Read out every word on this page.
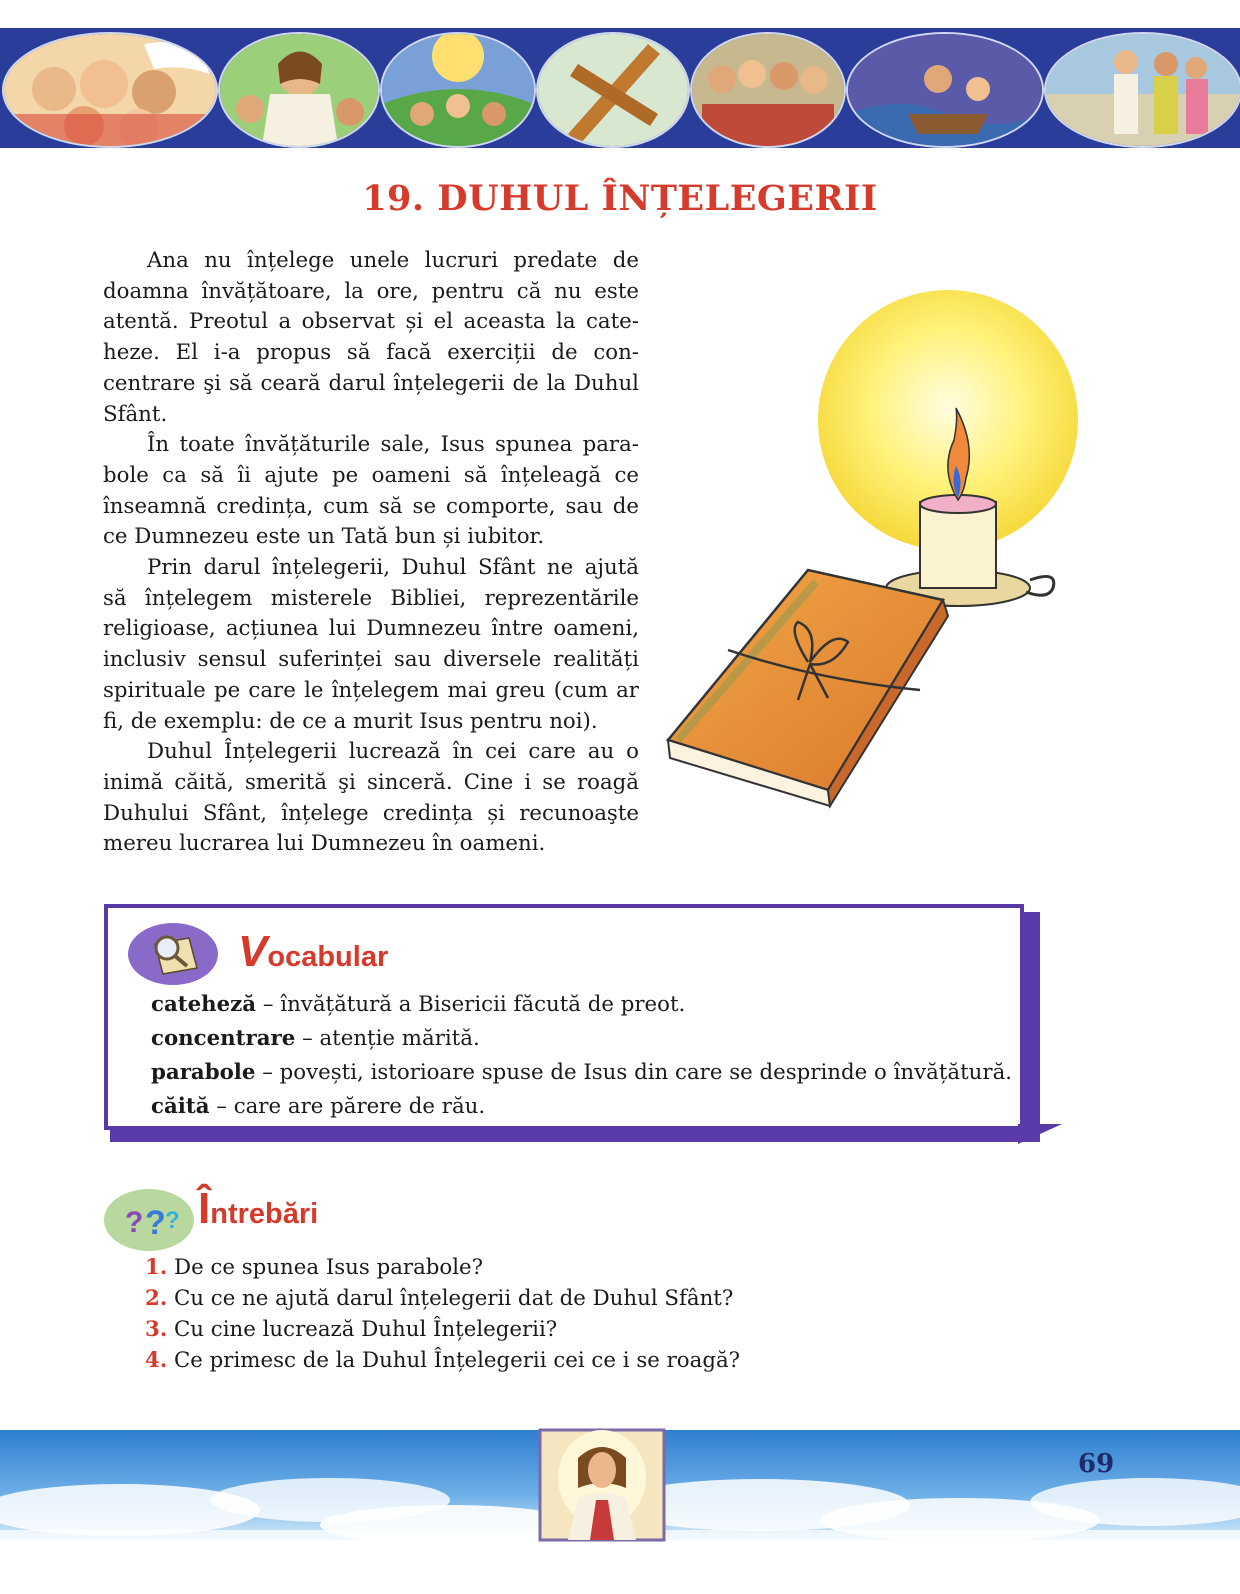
19. DUHUL ÎNȚELEGERII

Ana nu înțelege unele lucruri predate de doamna învățătoare, la ore, pentru că nu este atentă. Preotul a observat și el aceasta la cateheze. El i-a propus să facă exerciții de concentrare şi să ceară darul înțelegerii de la Duhul Sfânt.

În toate învățăturile sale, Isus spunea parabole ca să îi ajute pe oameni să înțeleagă ce înseamnă credința, cum să se comporte, sau de ce Dumnezeu este un Tată bun și iubitor.

Prin darul înțelegerii, Duhul Sfânt ne ajută să înțelegem misterele Bibliei, reprezentările religioase, acțiunea lui Dumnezeu între oameni, inclusiv sensul suferinței sau diversele realități spirituale pe care le înțelegem mai greu (cum ar fi, de exemplu: de ce a murit Isus pentru noi).

Duhul Înțelegerii lucrează în cei care au o inimă căită, smerită şi sinceră. Cine i se roagă Duhului Sfânt, înțelege credința și recunoaşte mereu lucrarea lui Dumnezeu în oameni.

Vocabular
cateheză – învățătură a Bisericii făcută de preot.
concentrare – atenție mărită.
parabole – povești, istorioare spuse de Isus din care se desprinde o învățătură.
căită – care are părere de rău.
? ? ? Întrebări
1. De ce spunea Isus parabole?
2. Cu ce ne ajută darul înțelegerii dat de Duhul Sfânt?
3. Cu cine lucrează Duhul Înțelegerii?
4. Ce primesc de la Duhul Înțelegerii cei ce i se roagă?
69
